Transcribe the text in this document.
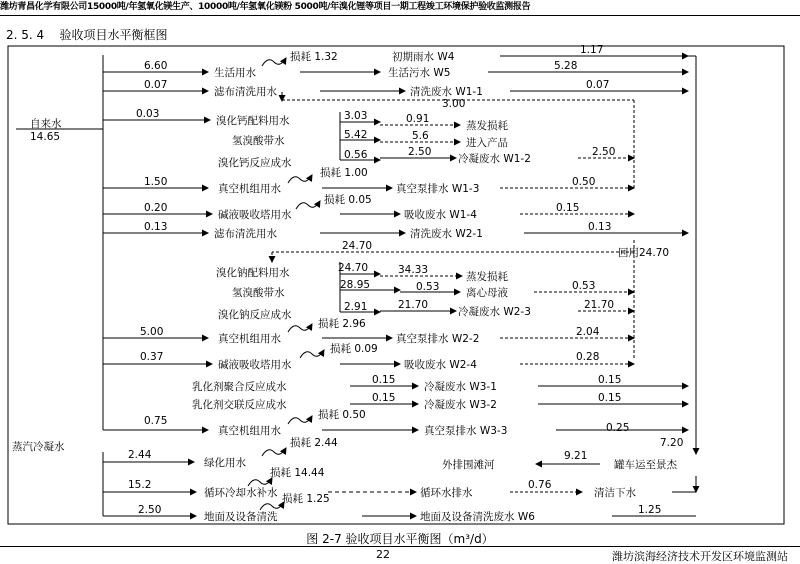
潍坊青昌化学有限公司15000吨/年氢氧化镁生产、10000吨/年氢氧化镁粉 5000吨/年溴化锂等项目一期工程竣工环境保护验收监测报告
2. 5. 4 验收项目水平衡框图
自来水
14.65
蒸汽冷凝水
生活用水	生活污水 W5
初期雨水 W4
滤布清洗用水	清洗废水 W1-1
溴化钙配料用水
氢溴酸带水
溴化钙反应成水
蒸发损耗
进入产品
冷凝废水 W1-2
真空机组用水	真空泵排水 W1-3
碱液吸收塔用水	吸收废水 W1-4
滤布清洗用水	清洗废水 W2-1
回用24.70
溴化钠配料用水
氢溴酸带水
溴化钠反应成水
蒸发损耗
离心母液
冷凝废水 W2-3
真空机组用水	真空泵排水 W2-2
碱液吸收塔用水	吸收废水 W2-4
乳化剂聚合反应成水	冷凝废水 W3-1
乳化剂交联反应成水	冷凝废水 W3-2
真空机组用水	真空泵排水 W3-3
绿化用水	外排围滩河	罐车运至景杰
循环冷却水补水	循环水排水	清洁下水
地面及设备清洗	地面及设备清洗废水 W6
6.60
0.07	0.07
损耗 1.32
1.17
5.28
3.00
0.03	3.03	0.91
5.42	5.6
0.56	2.50	2.50
损耗 1.00
1.50	0.50
损耗 0.05
0.20	0.15
0.13	0.13
24.70
24.70	34.33
28.95	0.53	0.53
2.91	21.70	21.70
损耗 2.96
5.00	2.04
损耗 0.09
0.37	0.28
0.15	0.15
0.15	0.15
损耗 0.50
0.75
0.25
7.20
损耗 2.44
2.44	9.21
损耗 14.44
15.2	0.76
损耗 1.25
2.50	1.25
图 2-7 验收项目水平衡图（m³/d）
22	潍坊滨海经济技术开发区环境监测站
